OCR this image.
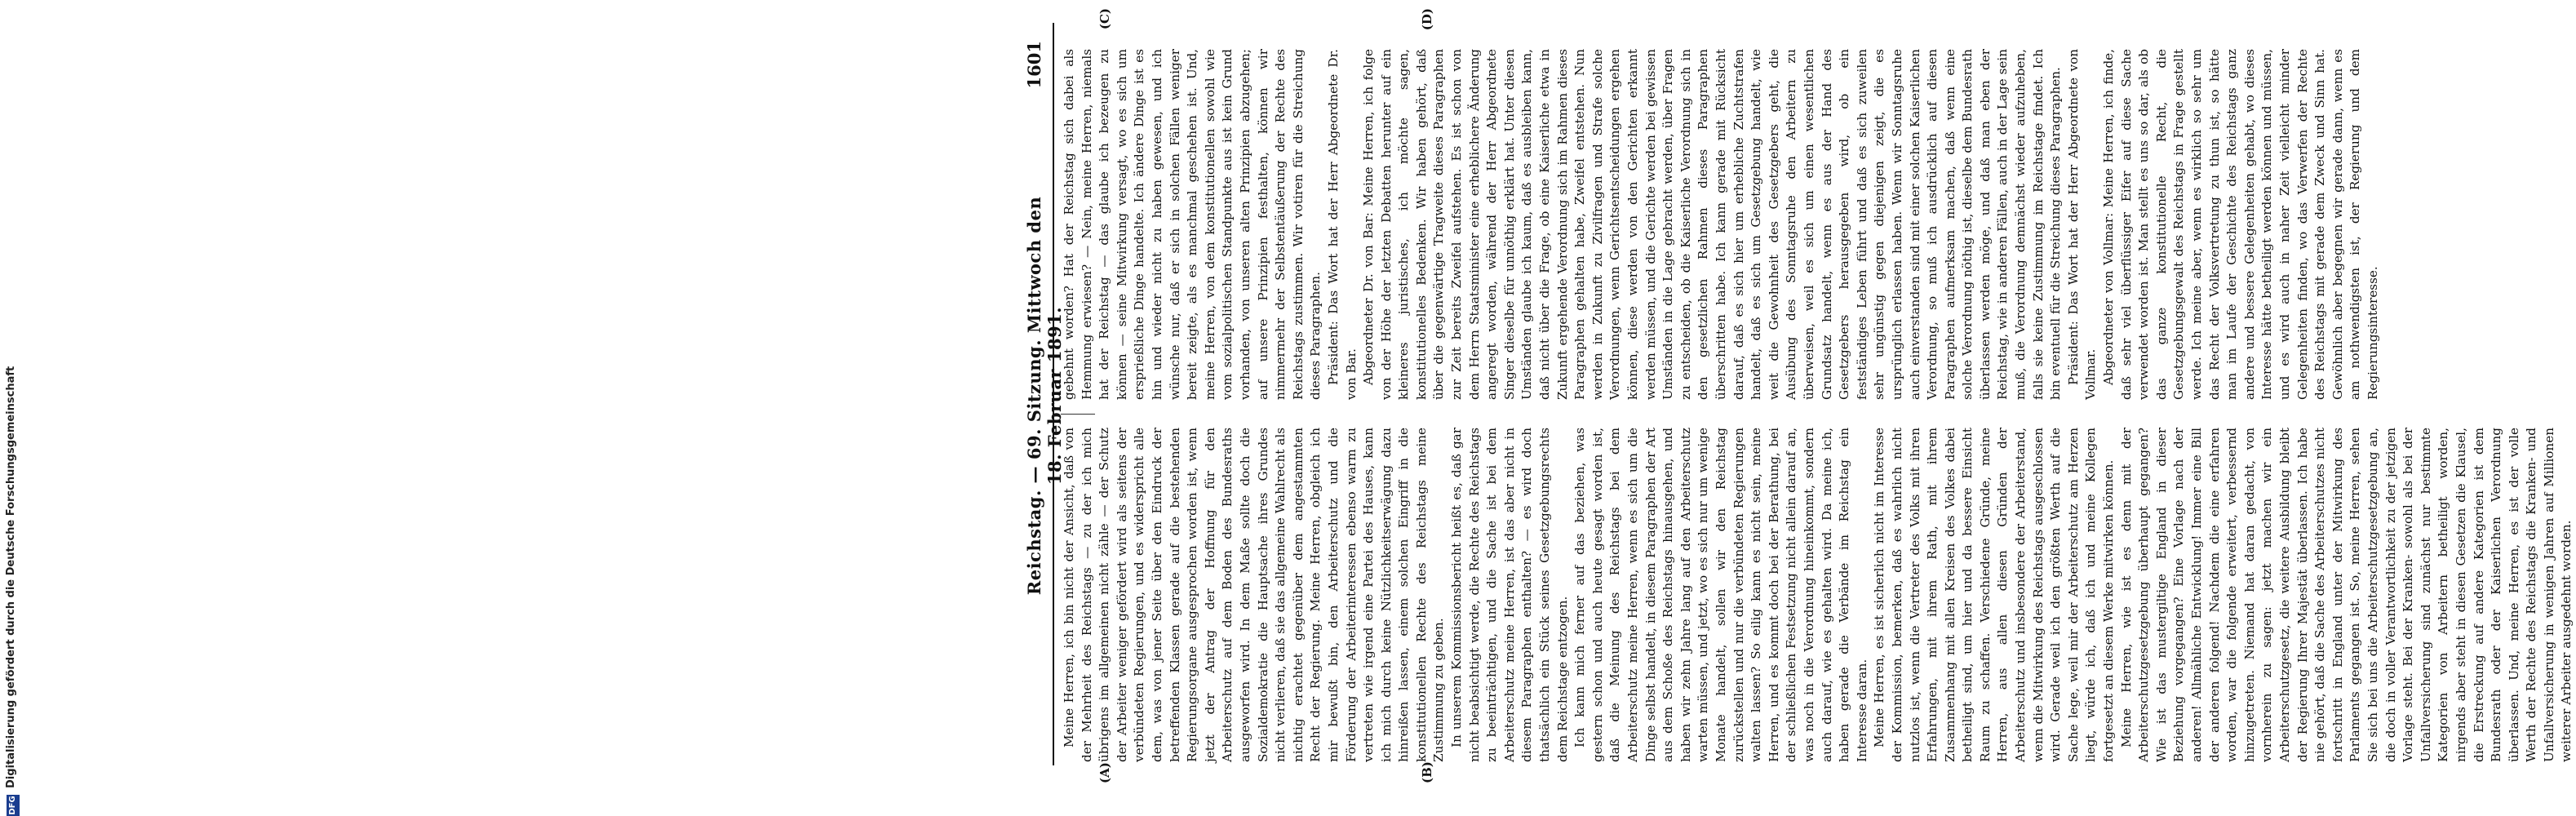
Reichstag. — 69. Sitzung. Mittwoch den 18. Februar 1891.
1601
(A)	(B)
(C)	(D)

Meine Herren, ich bin nicht der Ansicht, daß von der Mehrheit des Reichstags — zu der ich mich übrigens im allgemeinen nicht zähle — der Schutz der Arbeiter weniger gefördert wird als seitens der verbündeten Regierungen, und es widerspricht alle dem, was von jener Seite über den Eindruck der betreffenden Klassen gerade auf die bestehenden Regierungsorgane ausgesprochen worden ist, wenn jetzt der Antrag der Hoffnung für den Arbeiterschutz auf dem Boden des Bundesraths ausgeworfen wird. In dem Maße sollte doch die Sozialdemokratie die Hauptsache ihres Grundes nicht verlieren, daß sie das allgemeine Wahlrecht als nichtig erachtet gegenüber dem angestammten Recht der Regierung. Meine Herren, obgleich ich mir bewußt bin, den Arbeiterschutz und die Förderung der Arbeiterinteressen ebenso warm zu vertreten wie irgend eine Partei des Hauses, kann ich mich durch keine Nützlichkeitserwägung dazu hinreißen lassen, einem solchen Eingriff in die konstitutionellen Rechte des Reichstags meine Zustimmung zu geben. In unserem Kommissionsbericht heißt es, daß gar nicht beabsichtigt werde, die Rechte des Reichstags zu beeinträchtigen, und die Sache ist bei dem Arbeiterschutz meine Herren, ist das aber nicht in diesem Paragraphen enthalten? — es wird doch thatsächlich ein Stück seines Gesetzgebungsrechts dem Reichstage entzogen. Ich kann mich ferner auf das beziehen, was gestern schon und auch heute gesagt worden ist, daß die Meinung des Reichstags bei dem Arbeiterschutz meine Herren, wenn es sich um die Dinge selbst handelt, in diesem Paragraphen der Art aus dem Schoße des Reichstags hinausgehen, und haben wir zehn Jahre lang auf den Arbeiterschutz warten müssen, und jetzt, wo es sich nur um wenige Monate handelt, sollen wir den Reichstag zurückstellen und nur die verbündeten Regierungen walten lassen? So eilig kann es nicht sein, meine Herren, und es kommt doch bei der Berathung, bei der schließlichen Festsetzung nicht allein darauf an, was noch in die Verordnung hineinkommt, sondern auch darauf, wie es gehalten wird. Da meine ich, haben gerade die Verbände im Reichstag ein Interesse daran. Meine Herren, es ist sicherlich nicht im Interesse der Kommission, bemerken, daß es wahrlich nicht nutzlos ist, wenn die Vertreter des Volks mit ihren Erfahrungen, mit ihrem Rath, mit ihrem Zusammenhang mit allen Kreisen des Volkes dabei betheiligt sind, um hier und da bessere Einsicht Raum zu schaffen. Verschiedene Gründe, meine Herren, aus allen diesen Gründen der Arbeiterschutz und insbesondere der Arbeiterstand, wenn die Mitwirkung des Reichstags ausgeschlossen wird. Gerade weil ich den größten Werth auf die Sache lege, weil mir der Arbeiterschutz am Herzen liegt, würde ich, daß ich und meine Kollegen fortgesetzt an diesem Werke mitwirken können. Meine Herren, wie ist es denn mit der Arbeiterschutzgesetzgebung überhaupt gegangen? Wie ist das mustergiltige England in dieser Beziehung vorgegangen? Eine Vorlage nach der anderen! Allmähliche Entwicklung! Immer eine Bill der anderen folgend! Nachdem die eine erfahren worden, war die folgende erweitert, verbessernd hinzugetreten. Niemand hat daran gedacht, von vornherein zu sagen: jetzt machen wir ein Arbeiterschutzgesetz, die weitere Ausbildung bleibt der Regierung Ihrer Majestät überlassen. Ich habe nie gehört, daß die Sache des Arbeiterschutzes nicht fortschritt in England unter der Mitwirkung des Parlaments gegangen ist. So, meine Herren, sehen Sie sich bei uns die Arbeiterschutzgesetzgebung an, die doch in voller Verantwortlichkeit zu der jetzigen Vorlage steht. Bei der Kranken- sowohl als bei der Unfallversicherung sind zunächst nur bestimmte Kategorien von Arbeitern betheiligt worden, nirgends aber steht in diesen Gesetzen die Klausel, die Erstreckung auf andere Kategorien ist dem Bundesrath oder der Kaiserlichen Verordnung überlassen. Und, meine Herren, es ist der volle Werth der Rechte des Reichstags die Kranken- und Unfallversicherung in wenigen Jahren auf Millionen weiterer Arbeiter ausgedehnt worden.

gebehnt worden? Hat der Reichstag sich dabei als Hemmung erwiesen? — Nein, meine Herren, niemals hat der Reichstag — das glaube ich bezeugen zu können — seine Mitwirkung versagt, wo es sich um ersprießliche Dinge handelte. Ich ändere Dinge ist es hin und wieder nicht zu haben gewesen, und ich wünsche nur, daß er sich in solchen Fällen weniger bereit zeigte, als es manchmal geschehen ist. Und, meine Herren, von dem konstitutionellen sowohl wie vom sozialpolitischen Standpunkte aus ist kein Grund vorhanden, von unseren alten Prinzipien abzugehen; auf unsere Prinzipien festhalten, können wir nimmermehr der Selbstentäußerung der Rechte des Reichstags zustimmen. Wir votiren für die Streichung dieses Paragraphen. Präsident: Das Wort hat der Herr Abgeordnete Dr. von Bar. Abgeordneter Dr. von Bar: Meine Herren, ich folge von der Höhe der letzten Debatten herunter auf ein kleineres juristisches, ich möchte sagen, konstitutionelles Bedenken. Wir haben gehört, daß über die gegenwärtige Tragweite dieses Paragraphen zur Zeit bereits Zweifel aufstehen. Es ist schon von dem Herrn Staatsminister eine erheblichere Änderung angeregt worden, während der Herr Abgeordnete Singer dieselbe für unnöthig erklärt hat. Unter diesen Umständen glaube ich kaum, daß es ausbleiben kann, daß nicht über die Frage, ob eine Kaiserliche etwa in Zukunft ergehende Verordnung sich im Rahmen dieses Paragraphen gehalten habe, Zweifel entstehen. Nun werden in Zukunft zu Zivilfragen und Strafe solche Verordnungen, wenn Gerichtsentscheidungen ergehen können, diese werden von den Gerichten erkannt werden müssen, und die Gerichte werden bei gewissen Umständen in die Lage gebracht werden, über Fragen zu entscheiden, ob die Kaiserliche Verordnung sich in den gesetzlichen Rahmen dieses Paragraphen überschritten habe. Ich kann gerade mit Rücksicht darauf, daß es sich hier um erhebliche Zuchtstrafen handelt, daß es sich um Gesetzgebung handelt, wie weit die Gewohnheit des Gesetzgebers geht, die Ausübung des Sonntagsruhe den Arbeitern zu überweisen, weil es sich um einen wesentlichen Grundsatz handelt, wenn es aus der Hand des Gesetzgebers herausgegeben wird, ob ein festständiges Leben führt und daß es sich zuweilen sehr ungünstig gegen diejenigen zeigt, die es ursprünglich erlassen haben. Wenn wir Sonntagsruhe auch einverstanden sind mit einer solchen Kaiserlichen Verordnung, so muß ich ausdrücklich auf diesen Paragraphen aufmerksam machen, daß wenn eine solche Verordnung nöthig ist, dieselbe dem Bundesrath überlassen werden möge, und daß man eben der Reichstag, wie in anderen Fällen, auch in der Lage sein muß, die Verordnung demnächst wieder aufzuheben, falls sie keine Zustimmung im Reichstage findet. Ich bin eventuell für die Streichung dieses Paragraphen. Präsident: Das Wort hat der Herr Abgeordnete von Vollmar. Abgeordneter von Vollmar: Meine Herren, ich finde, daß sehr viel überflüssiger Eifer auf diese Sache verwendet worden ist. Man stellt es uns so dar, als ob das ganze konstitutionelle Recht, die Gesetzgebungsgewalt des Reichstags in Frage gestellt werde. Ich meine aber, wenn es wirklich so sehr um das Recht der Volksvertretung zu thun ist, so hätte man im Laufe der Geschichte des Reichstags ganz andere und bessere Gelegenheiten gehabt, wo dieses Interesse hätte betheiligt werden können und müssen, und es wird auch in naher Zeit vielleicht minder Gelegenheiten finden, wo das Verwerfen der Rechte des Reichstags mit gerade dem Zweck und Sinn hat. Gewöhnlich aber begegnen wir gerade dann, wenn es am nothwendigsten ist, der Regierung und dem Regierungsinteresse.

DFG
Digitalisierung gefördert durch die Deutsche Forschungsgemeinschaft
